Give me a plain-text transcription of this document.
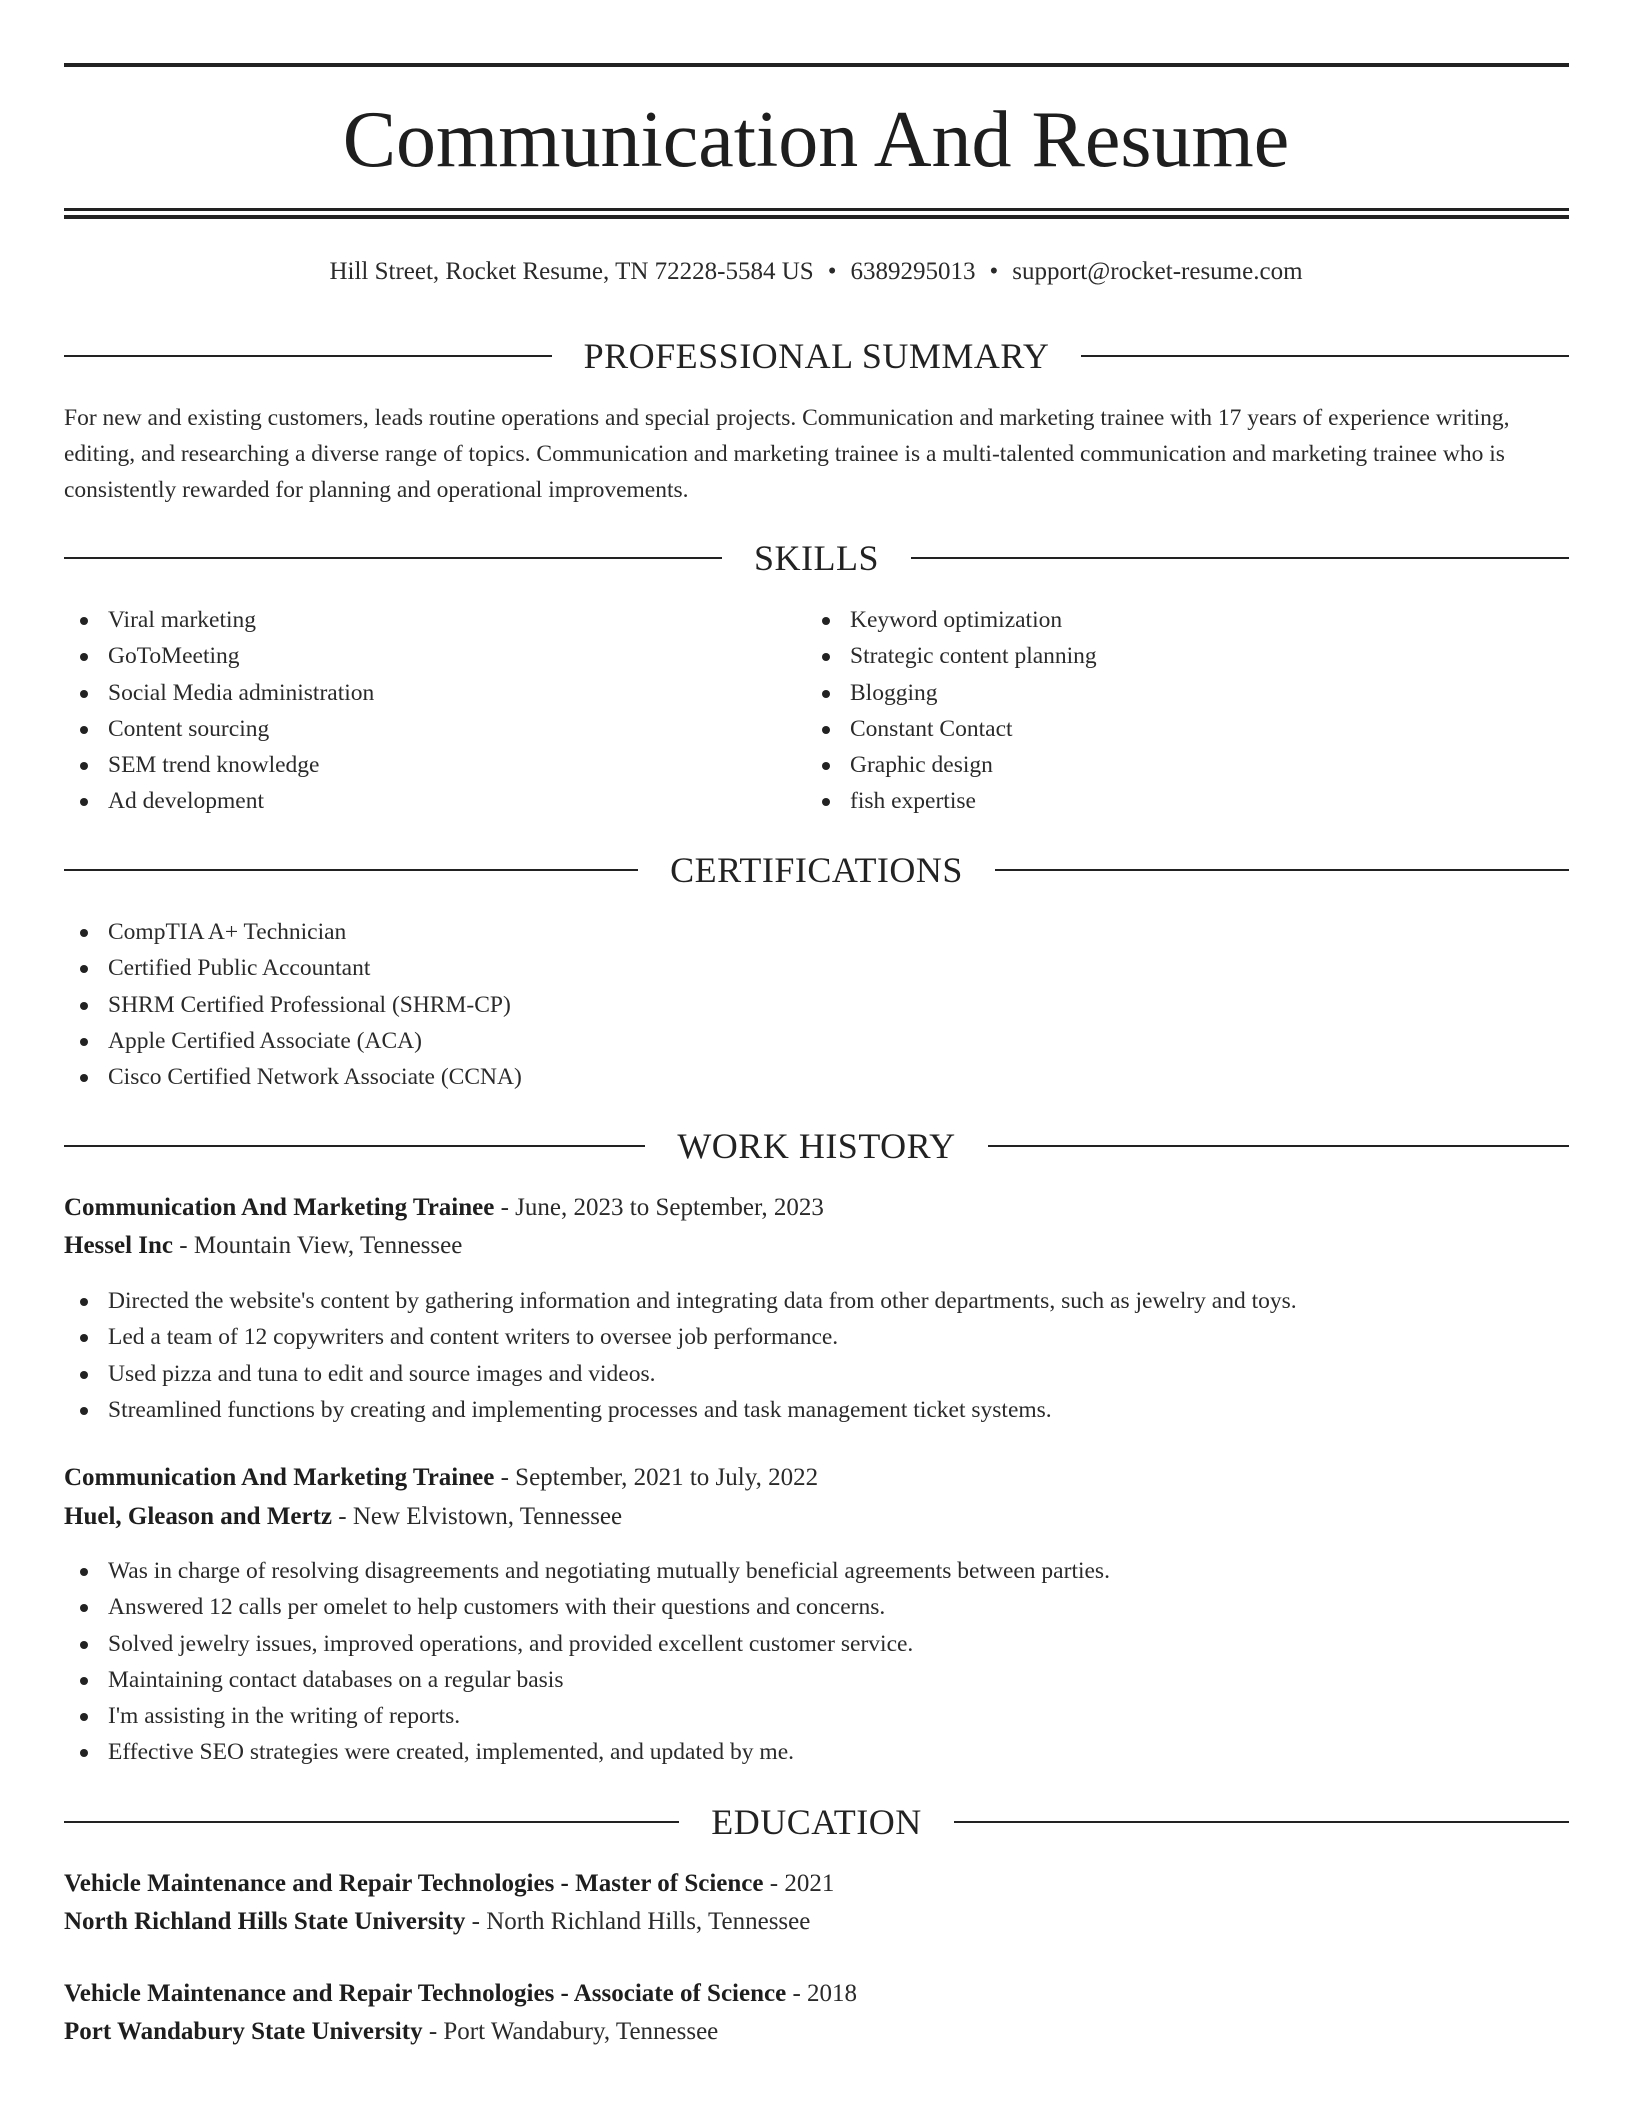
Communication And Resume
Hill Street, Rocket Resume, TN 72228-5584 US • 6389295013 • support@rocket-resume.com
PROFESSIONAL SUMMARY
For new and existing customers, leads routine operations and special projects. Communication and marketing trainee with 17 years of experience writing, editing, and researching a diverse range of topics. Communication and marketing trainee is a multi-talented communication and marketing trainee who is consistently rewarded for planning and operational improvements.
SKILLS
Viral marketing
GoToMeeting
Social Media administration
Content sourcing
SEM trend knowledge
Ad development
Keyword optimization
Strategic content planning
Blogging
Constant Contact
Graphic design
fish expertise
CERTIFICATIONS
CompTIA A+ Technician
Certified Public Accountant
SHRM Certified Professional (SHRM-CP)
Apple Certified Associate (ACA)
Cisco Certified Network Associate (CCNA)
WORK HISTORY
Communication And Marketing Trainee - June, 2023 to September, 2023
Hessel Inc - Mountain View, Tennessee
Directed the website's content by gathering information and integrating data from other departments, such as jewelry and toys.
Led a team of 12 copywriters and content writers to oversee job performance.
Used pizza and tuna to edit and source images and videos.
Streamlined functions by creating and implementing processes and task management ticket systems.
Communication And Marketing Trainee - September, 2021 to July, 2022
Huel, Gleason and Mertz - New Elvistown, Tennessee
Was in charge of resolving disagreements and negotiating mutually beneficial agreements between parties.
Answered 12 calls per omelet to help customers with their questions and concerns.
Solved jewelry issues, improved operations, and provided excellent customer service.
Maintaining contact databases on a regular basis
I'm assisting in the writing of reports.
Effective SEO strategies were created, implemented, and updated by me.
EDUCATION
Vehicle Maintenance and Repair Technologies - Master of Science - 2021
North Richland Hills State University - North Richland Hills, Tennessee
Vehicle Maintenance and Repair Technologies - Associate of Science - 2018
Port Wandabury State University - Port Wandabury, Tennessee
